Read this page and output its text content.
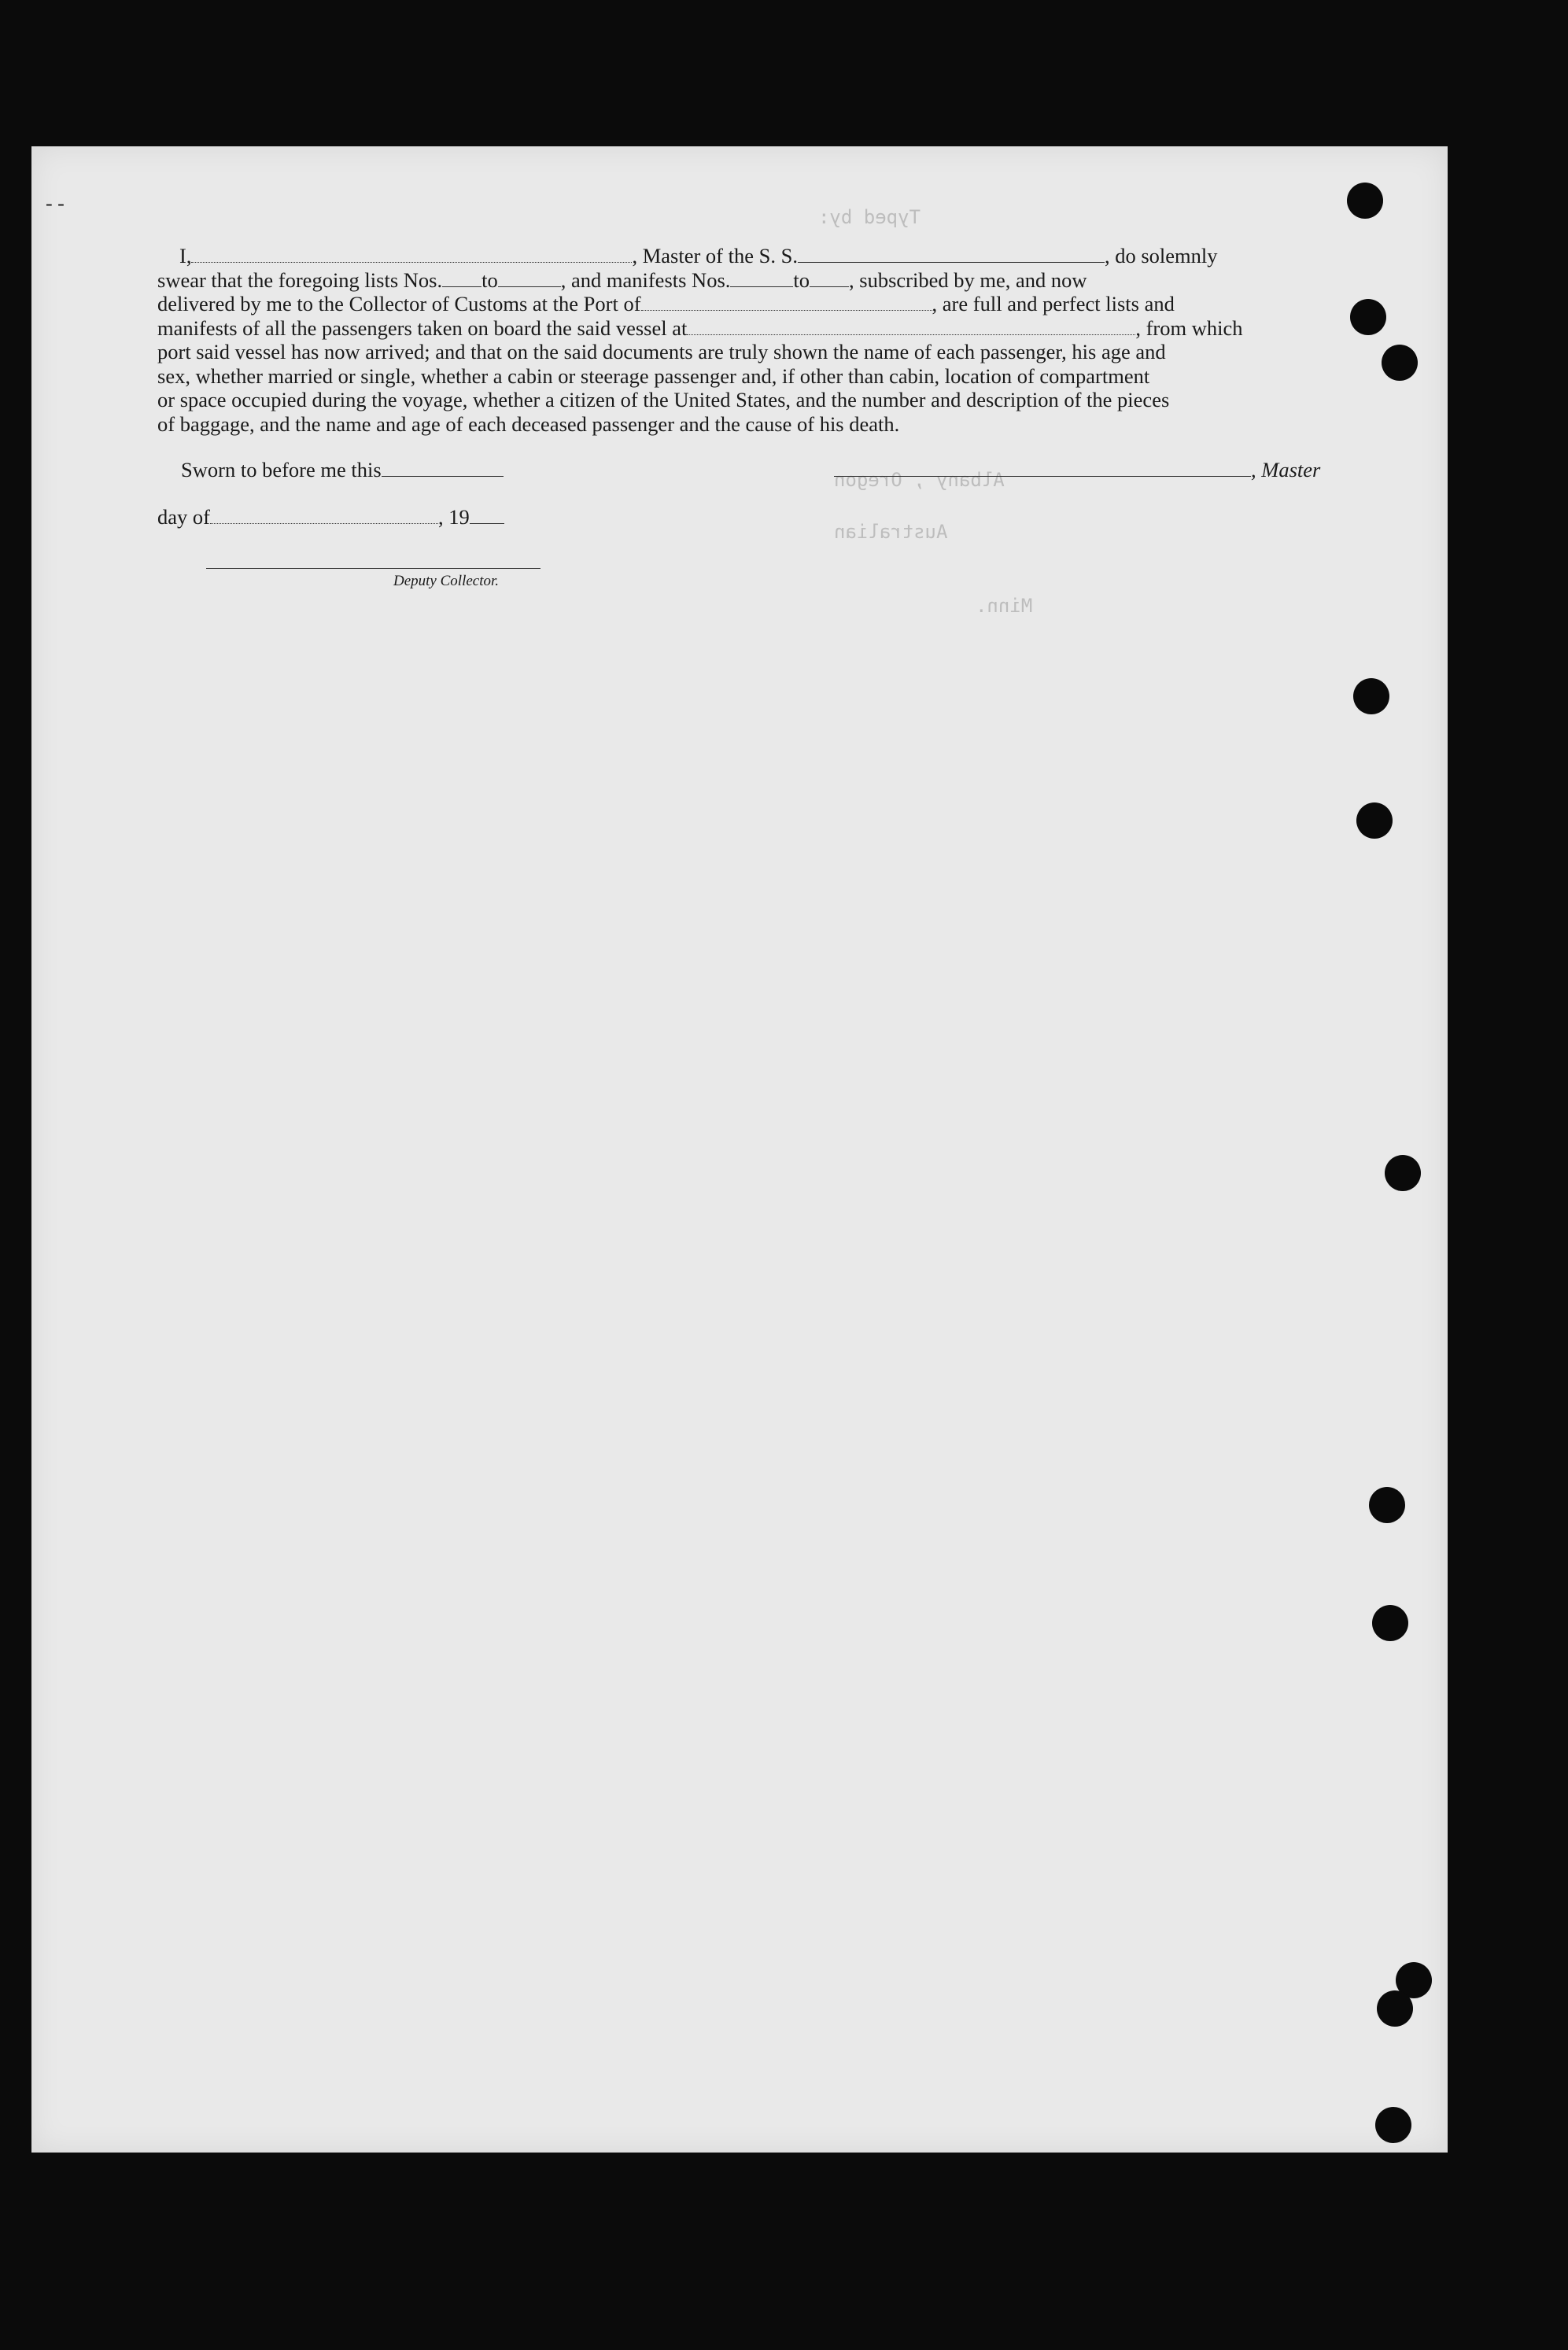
- -
Typed by:
Albany , Oregon
Australian
Minn.
I,	, Master of the S. S.	, do solemnly
swear that the foregoing lists Nos. to	, and manifests Nos.	to , subscribed by me, and now
delivered by me to the Collector of Customs at the Port of	, are full and perfect lists and
manifests of all the passengers taken on board the said vessel at	, from which
port said vessel has now arrived; and that on the said documents are truly shown the name of each passenger, his age and
sex, whether married or single, whether a cabin or steerage passenger and, if other than cabin, location of compartment
or space occupied during the voyage, whether a citizen of the United States, and the number and description of the pieces
of baggage, and the name and age of each deceased passenger and the cause of his death.
Sworn to before me this	, Master
day of	, 19
Deputy Collector.
